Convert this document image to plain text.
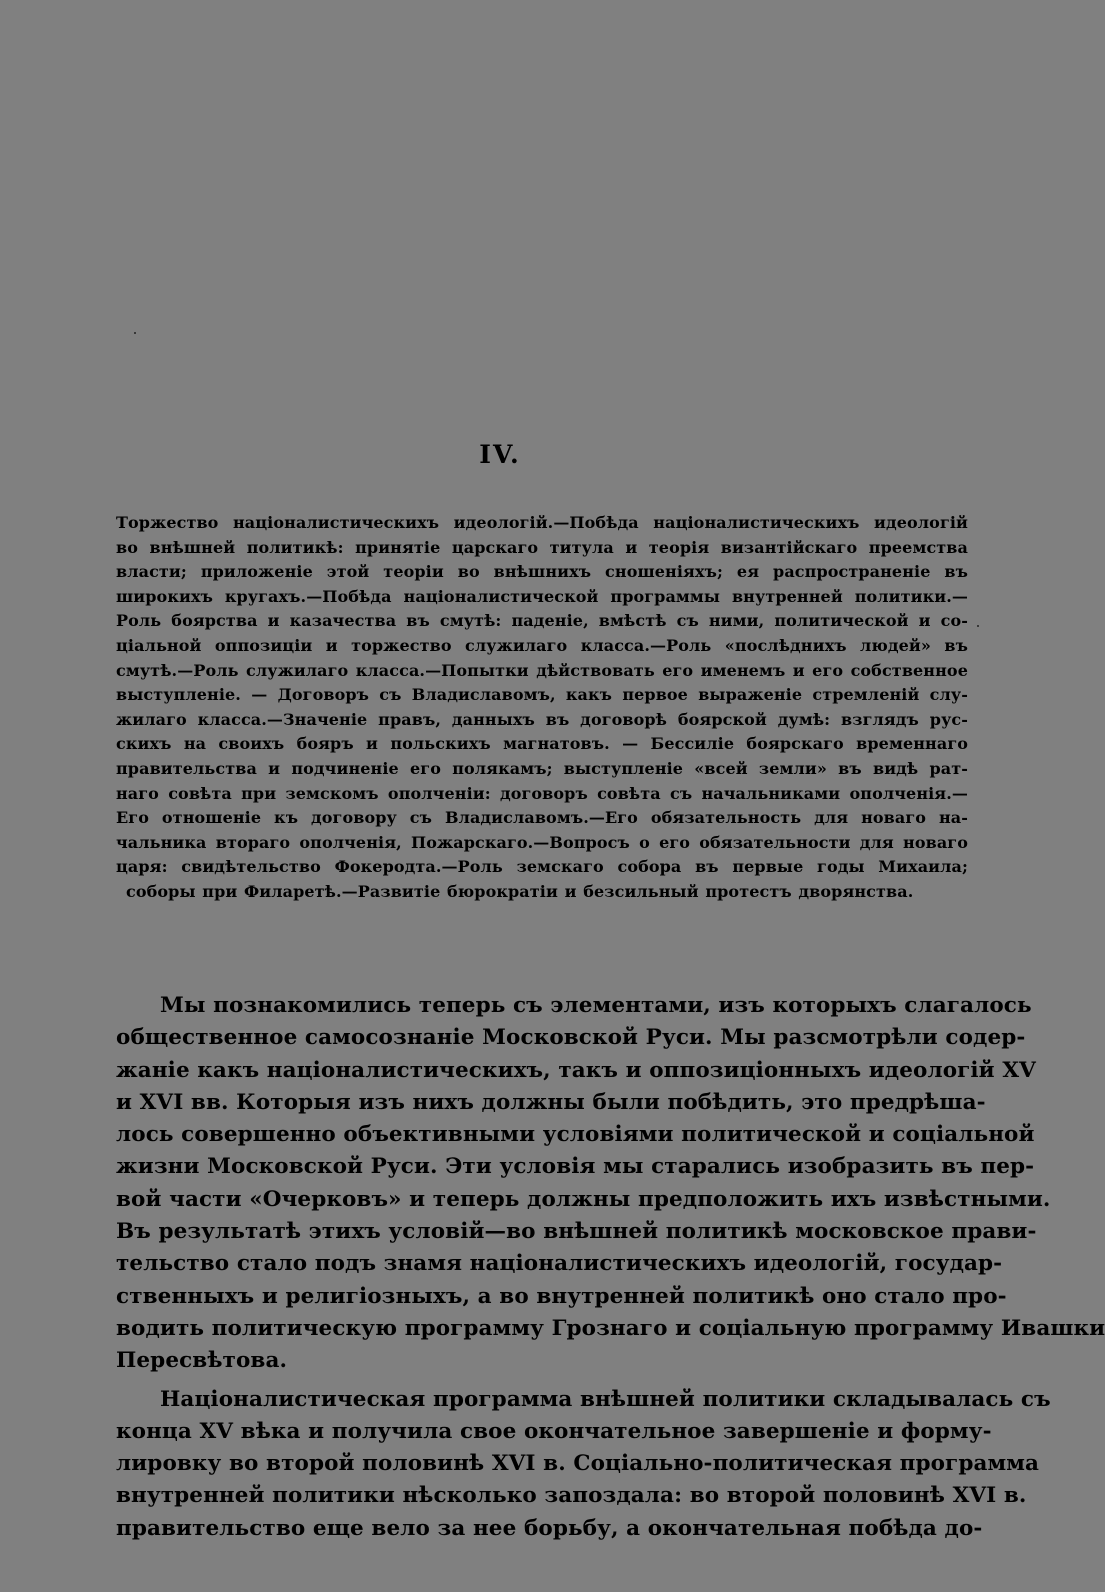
IV.
Торжество націоналистическихъ идеологій.—Побѣда націоналистическихъ идеологій
во внѣшней политикѣ: принятіе царскаго титула и теорія византійскаго преемства
власти; приложеніе этой теоріи во внѣшнихъ сношеніяхъ; ея распространеніе въ
широкихъ кругахъ.—Побѣда націоналистической программы внутренней политики.—
Роль боярства и казачества въ смутѣ: паденіе, вмѣстѣ съ ними, политической и со-
ціальной оппозиціи и торжество служилаго класса.—Роль «послѣднихъ людей» въ
смутѣ.—Роль служилаго класса.—Попытки дѣйствовать его именемъ и его собственное
выступленіе. — Договоръ съ Владиславомъ, какъ первое выраженіе стремленій слу-
жилаго класса.—Значеніе правъ, данныхъ въ договорѣ боярской думѣ: взглядъ рус-
скихъ на своихъ бояръ и польскихъ магнатовъ. — Бесcиліе боярскаго временнаго
правительства и подчиненіе его полякамъ; выступленіе «всей земли» въ видѣ рат-
наго совѣта при земскомъ ополченіи: договоръ совѣта съ начальниками ополченія.—
Его отношеніе къ договору съ Владиславомъ.—Его обязательность для новаго на-
чальника втораго ополченія, Пожарскаго.—Вопросъ о его обязательности для новаго
царя: свидѣтельство Фокеродта.—Роль земскаго собора въ первые годы Михаила;
соборы при Филаретѣ.—Развитіе бюрократіи и безсильный протестъ дворянства.
Мы познакомились теперь съ элементами, изъ которыхъ слагалось
общественное самосознаніе Московской Руси. Мы разсмотрѣли содер-
жаніе какъ націоналистическихъ, такъ и оппозиціонныхъ идеологій XV
и XVI вв. Которыя изъ нихъ должны были побѣдить, это предрѣша-
лось совершенно объективными условіями политической и соціальной
жизни Московской Руси. Эти условія мы старались изобразить въ пер-
вой части «Очерковъ» и теперь должны предположить ихъ извѣстными.
Въ результатѣ этихъ условій—во внѣшней политикѣ московское прави-
тельство стало подъ знамя націоналистическихъ идеологій, государ-
ственныхъ и религіозныхъ, а во внутренней политикѣ оно стало про-
водить политическую программу Грознаго и соціальную программу Ивашки
Пересвѣтова.
Націоналистическая программа внѣшней политики складывалась съ
конца XV вѣка и получила свое окончательное завершеніе и форму-
лировку во второй половинѣ XVI в. Соціально-политическая программа
внутренней политики нѣсколько запоздала: во второй половинѣ XVI в.
правительство еще вело за нее борьбу, а окончательная побѣда до-
